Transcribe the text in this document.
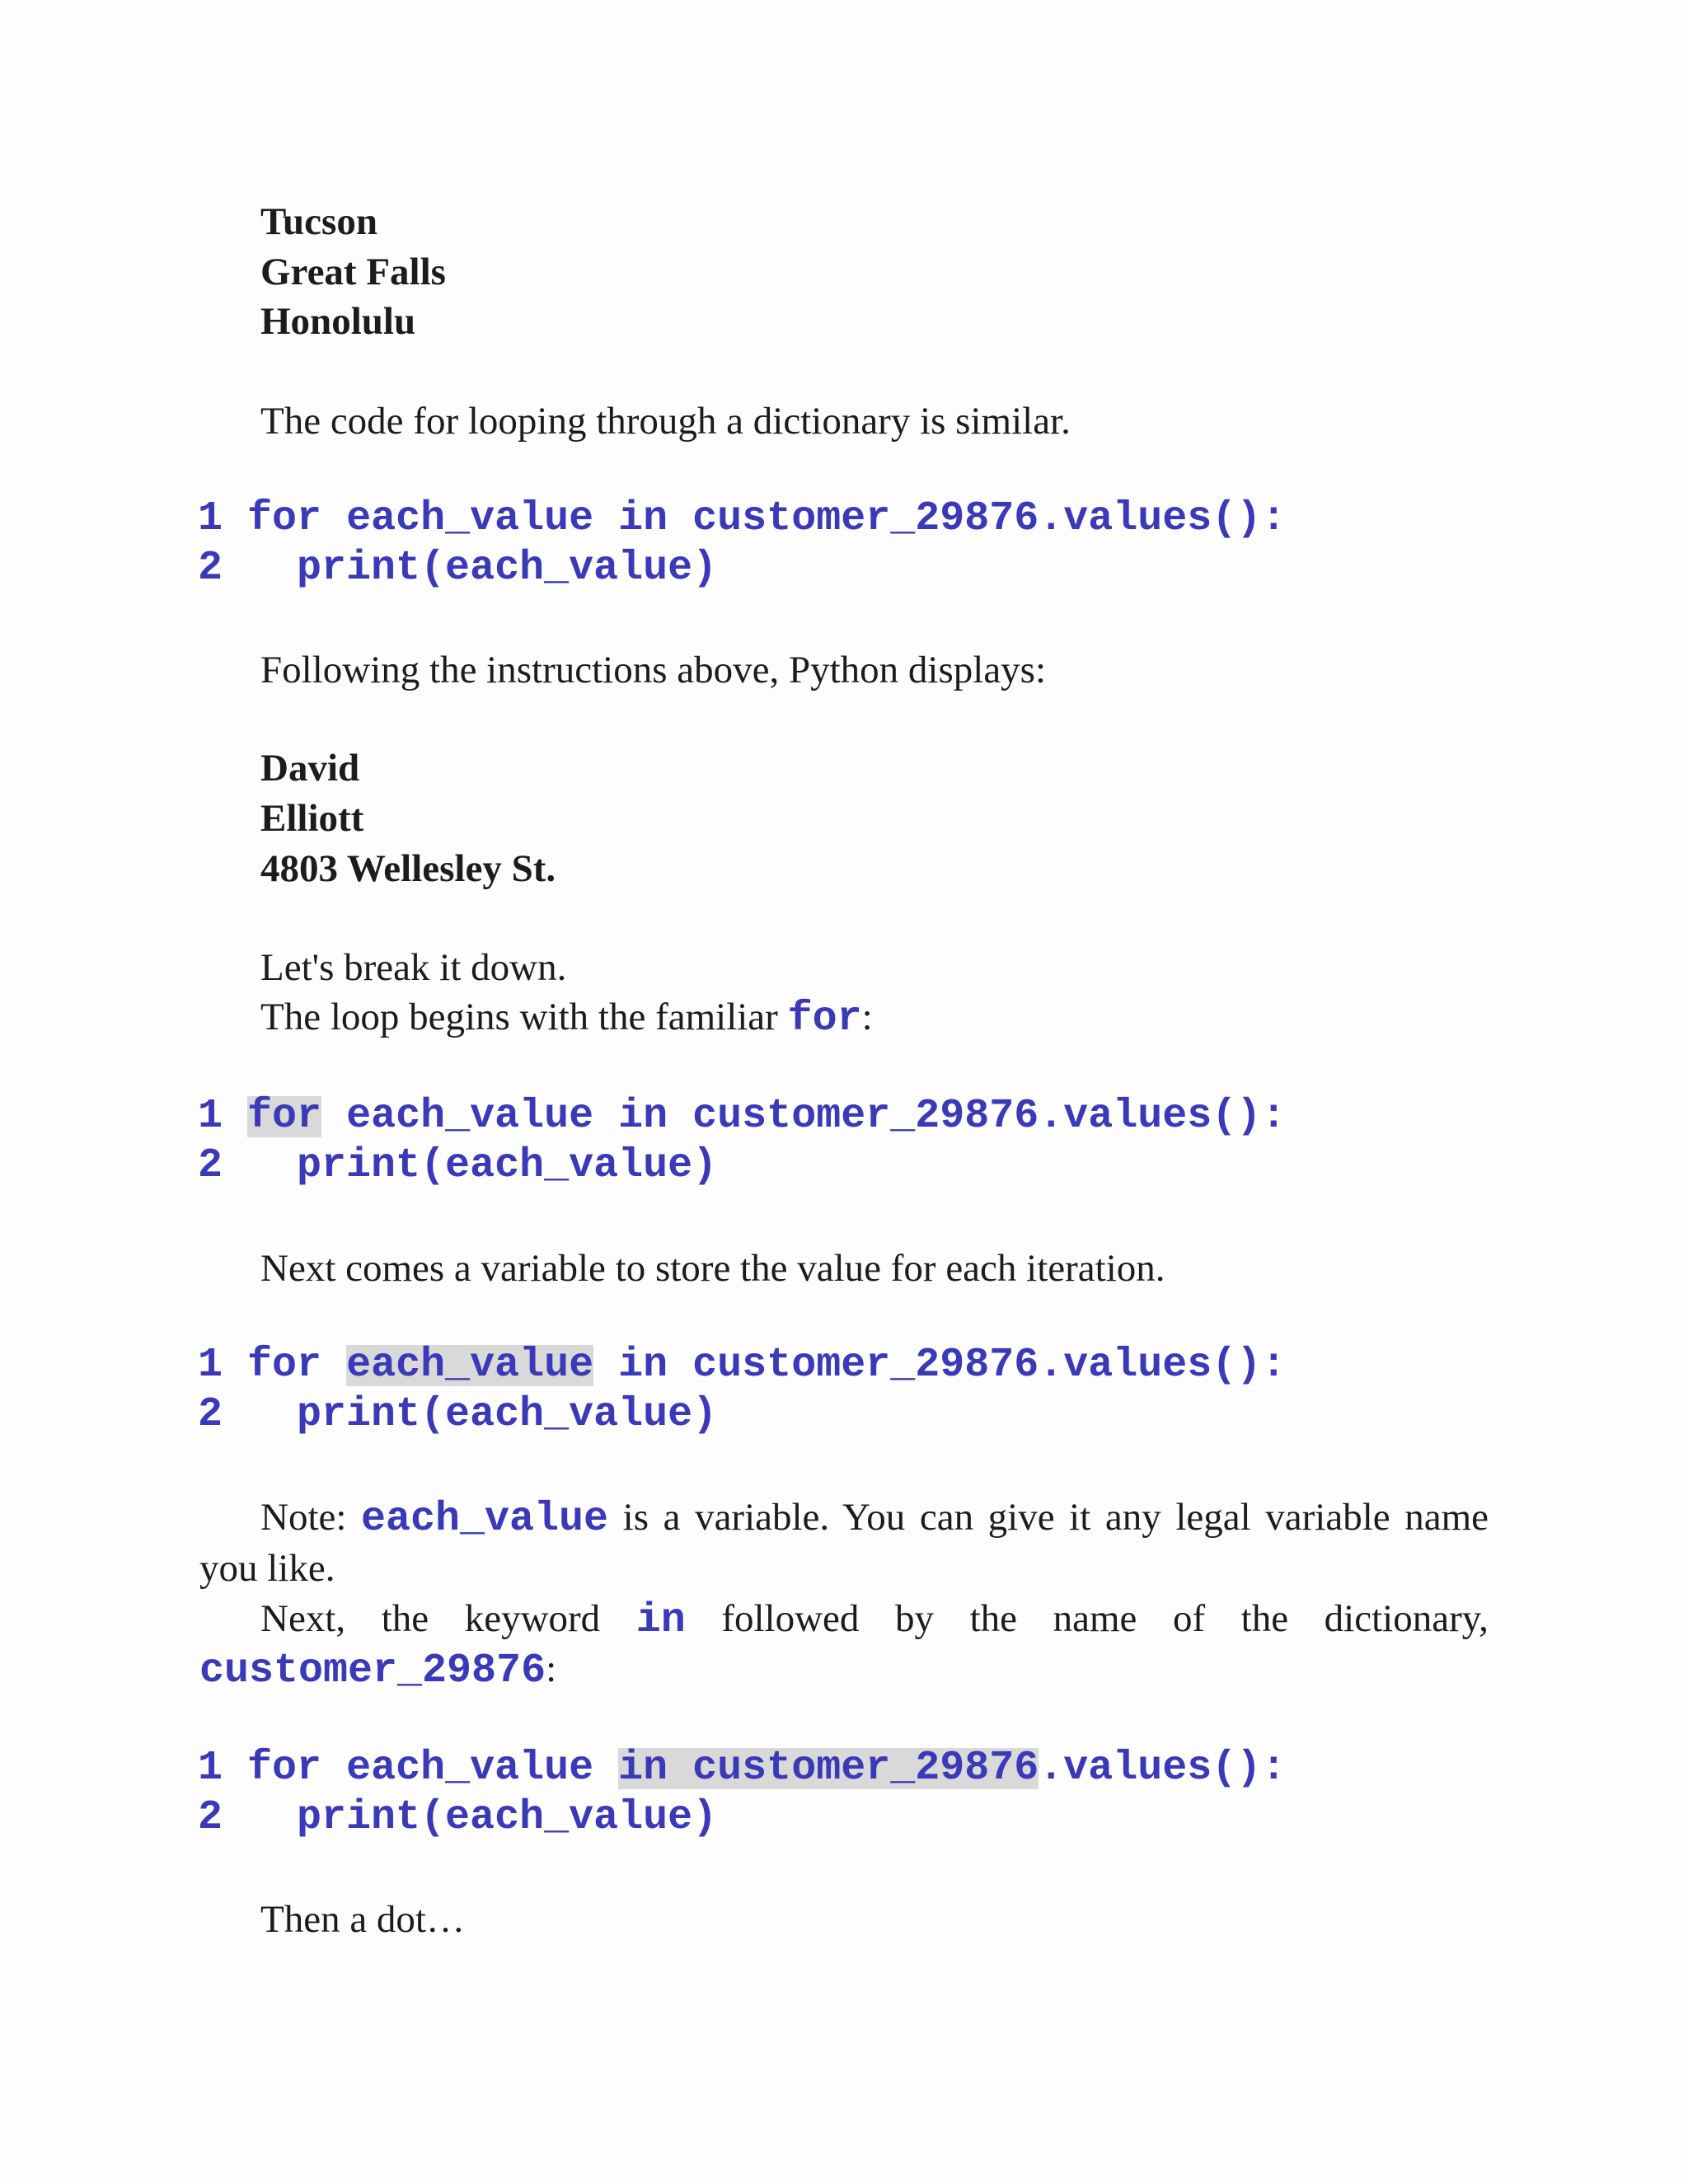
Tucson
Great Falls
Honolulu
The code for looping through a dictionary is similar.
1 for each_value in customer_29876.values():
2 print(each_value)
Following the instructions above, Python displays:
David
Elliott
4803 Wellesley St.
Let's break it down.
The loop begins with the familiar for:
1 for each_value in customer_29876.values():
2 print(each_value)
Next comes a variable to store the value for each iteration.
1 for each_value in customer_29876.values():
2 print(each_value)
Note: each_value is a variable. You can give it any legal variable name
you like.
Next, the keyword in followed by the name of the dictionary,
customer_29876:
1 for each_value in customer_29876.values():
2 print(each_value)
Then a dot…
